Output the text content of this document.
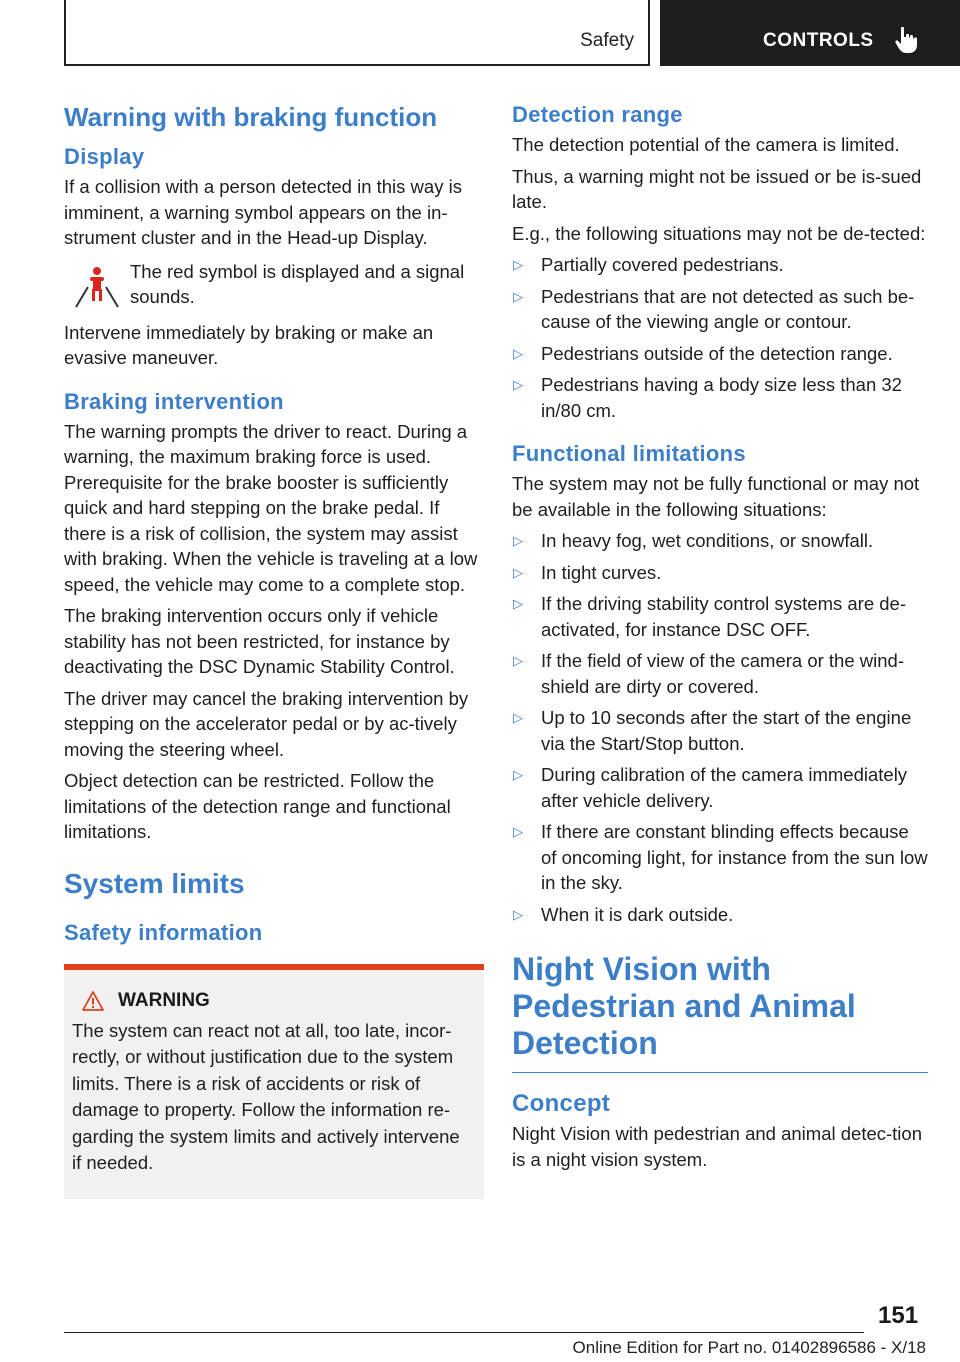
Safety	CONTROLS
Warning with braking function
Display

If a collision with a person detected in this way is imminent, a warning symbol appears on the in-strument cluster and in the Head-up Display.

The red symbol is displayed and a signal sounds.

Intervene immediately by braking or make an evasive maneuver.

Braking intervention

The warning prompts the driver to react. During a warning, the maximum braking force is used. Prerequisite for the brake booster is sufficiently quick and hard stepping on the brake pedal. If there is a risk of collision, the system may assist with braking. When the vehicle is traveling at a low speed, the vehicle may come to a complete stop.

The braking intervention occurs only if vehicle stability has not been restricted, for instance by deactivating the DSC Dynamic Stability Control.

The driver may cancel the braking intervention by stepping on the accelerator pedal or by ac-tively moving the steering wheel.

Object detection can be restricted. Follow the limitations of the detection range and functional limitations.

System limits
Safety information
WARNING

The system can react not at all, too late, incor-rectly, or without justification due to the system limits. There is a risk of accidents or risk of damage to property. Follow the information re-garding the system limits and actively intervene if needed.

Detection range

The detection potential of the camera is limited.

Thus, a warning might not be issued or be is-sued late.

E.g., the following situations may not be de-tected:

▷ Partially covered pedestrians.
▷ Pedestrians that are not detected as such be-cause of the viewing angle or contour.
▷ Pedestrians outside of the detection range.
▷ Pedestrians having a body size less than 32 in/80 cm.
Functional limitations

The system may not be fully functional or may not be available in the following situations:

▷ In heavy fog, wet conditions, or snowfall.
▷ In tight curves.
▷ If the driving stability control systems are de-activated, for instance DSC OFF.
▷ If the field of view of the camera or the wind-shield are dirty or covered.
▷ Up to 10 seconds after the start of the engine via the Start/Stop button.
▷ During calibration of the camera immediately after vehicle delivery.
▷ If there are constant blinding effects because of oncoming light, for instance from the sun low in the sky.
▷ When it is dark outside.
Night Vision with Pedestrian and Animal Detection
Concept

Night Vision with pedestrian and animal detec-tion is a night vision system.

151
Online Edition for Part no. 01402896586 - X/18
